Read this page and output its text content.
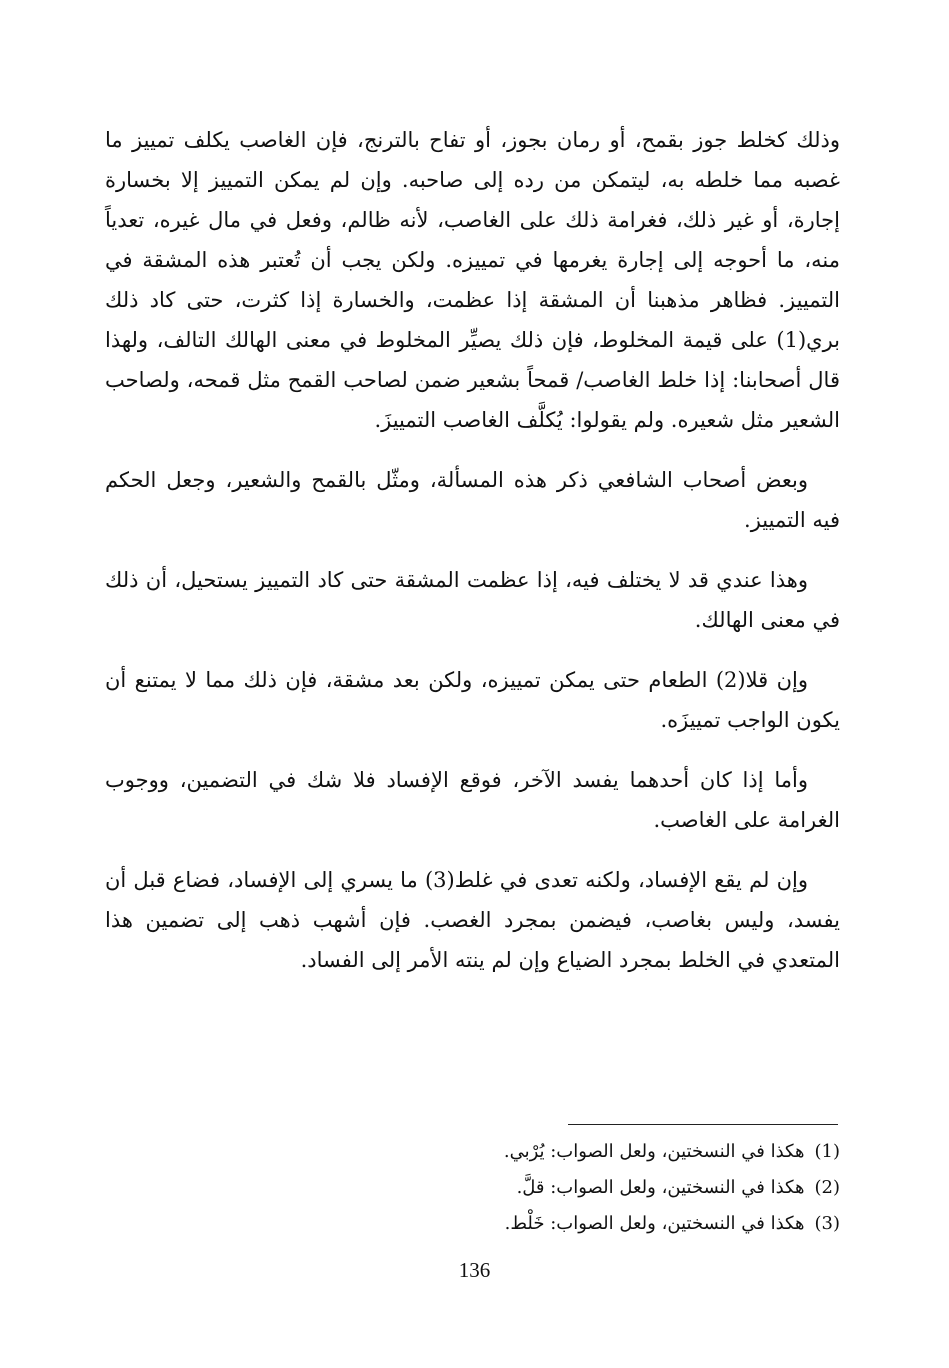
وذلك كخلط جوز بقمح، أو رمان بجوز، أو تفاح بالترنج، فإن الغاصب يكلف تمييز ما غصبه مما خلطه به، ليتمكن من رده إلى صاحبه. وإن لم يمكن التمييز إلا بخسارة إجارة، أو غير ذلك، فغرامة ذلك على الغاصب، لأنه ظالم، وفعل في مال غيره، تعدياً منه، ما أحوجه إلى إجارة يغرمها في تمييزه. ولكن يجب أن تُعتبر هذه المشقة في التمييز. فظاهر مذهبنا أن المشقة إذا عظمت، والخسارة إذا كثرت، حتى كاد ذلك بري(1) على قيمة المخلوط، فإن ذلك يصيِّر المخلوط في معنى الهالك التالف، ولهذا قال أصحابنا: إذا خلط الغاصب/ قمحاً بشعير ضمن لصاحب القمح مثل قمحه، ولصاحب الشعير مثل شعيره. ولم يقولوا: يُكلَّف الغاصب التمييزَ.

وبعض أصحاب الشافعي ذكر هذه المسألة، ومثّل بالقمح والشعير، وجعل الحكم فيه التمييز.

وهذا عندي قد لا يختلف فيه، إذا عظمت المشقة حتى كاد التمييز يستحيل، أن ذلك في معنى الهالك.

وإن قلا(2) الطعام حتى يمكن تمييزه، ولكن بعد مشقة، فإن ذلك مما لا يمتنع أن يكون الواجب تمييزَه.

وأما إذا كان أحدهما يفسد الآخر، فوقع الإفساد فلا شك في التضمين، ووجوب الغرامة على الغاصب.

وإن لم يقع الإفساد، ولكنه تعدى في غلط(3) ما يسري إلى الإفساد، فضاع قبل أن يفسد، وليس بغاصب، فيضمن بمجرد الغصب. فإن أشهب ذهب إلى تضمين هذا المتعدي في الخلط بمجرد الضياع وإن لم ينته الأمر إلى الفساد.

(1)هكذا في النسختين، ولعل الصواب: يُرْبي.
(2)هكذا في النسختين، ولعل الصواب: قلَّ.
(3)هكذا في النسختين، ولعل الصواب: خَلْط.
136
